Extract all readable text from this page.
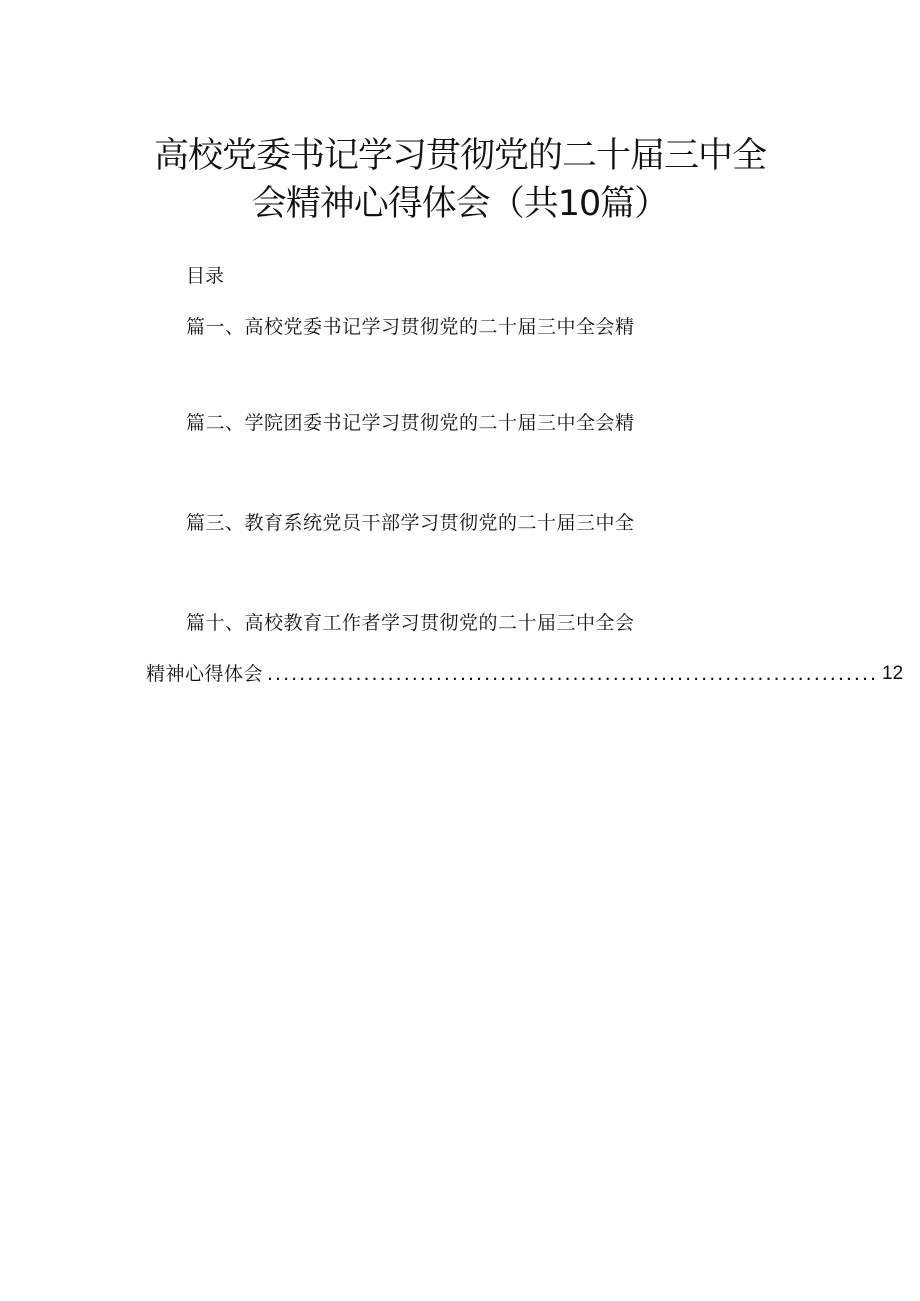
高校党委书记学习贯彻党的二十届三中全
会精神心得体会（共10篇）
目录
篇一、高校党委书记学习贯彻党的二十届三中全会精
篇二、学院团委书记学习贯彻党的二十届三中全会精
篇三、教育系统党员干部学习贯彻党的二十届三中全
篇十、高校教育工作者学习贯彻党的二十届三中全会
精神心得体会 ............................................................................ 12
